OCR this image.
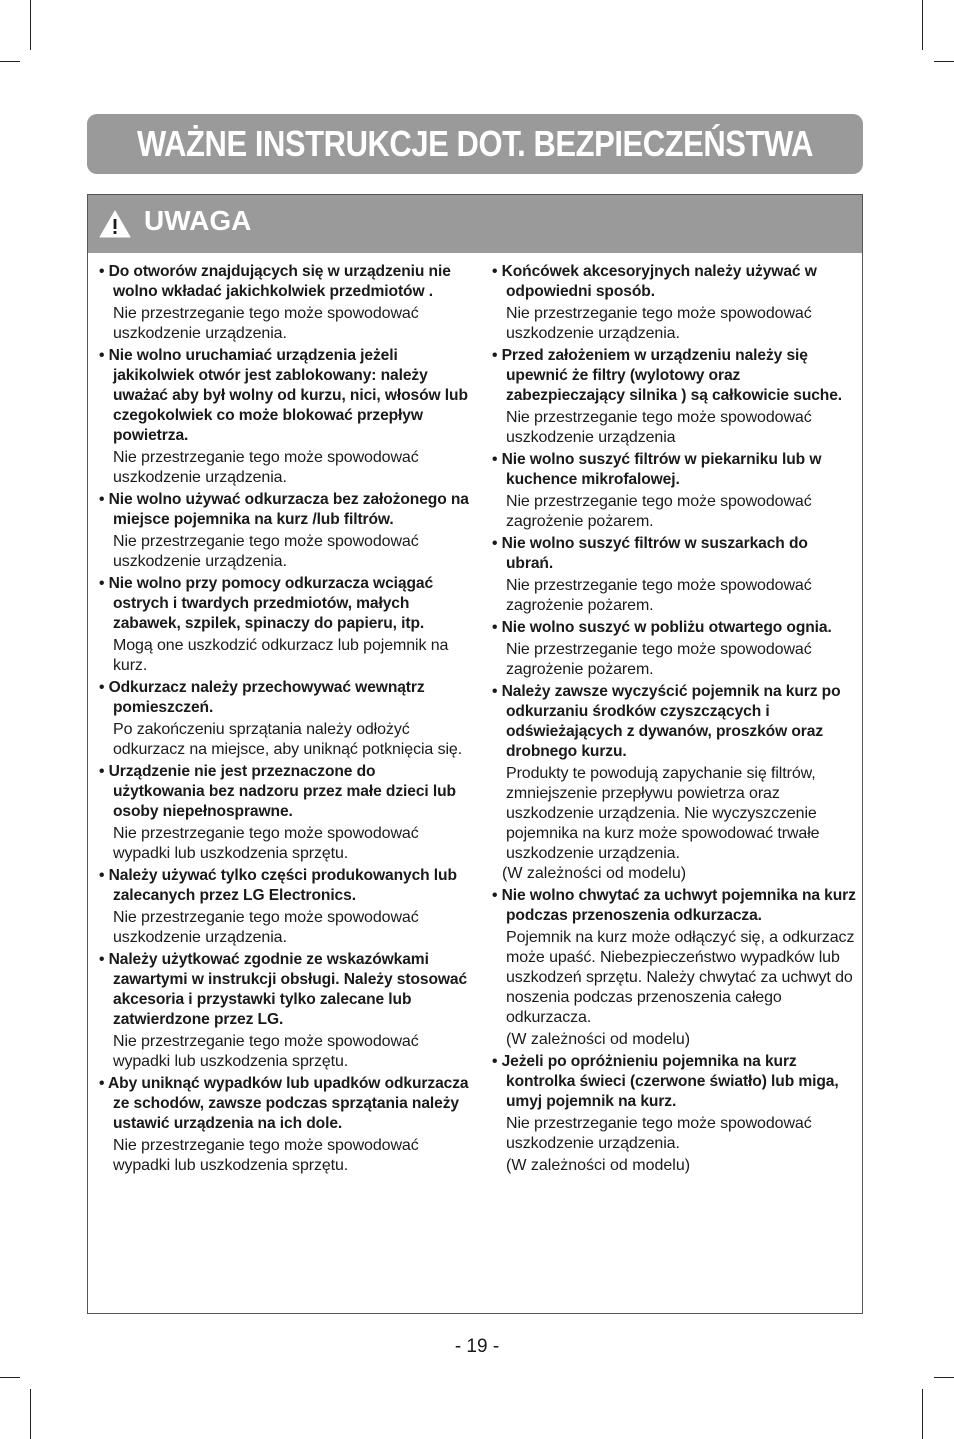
WAŻNE INSTRUKCJE DOT. BEZPIECZEŃSTWA
UWAGA
• Do otworów znajdujących się w urządzeniu nie wolno wkładać jakichkolwiek przedmiotów .
Nie przestrzeganie tego może spowodować uszkodzenie urządzenia.
• Nie wolno uruchamiać urządzenia jeżeli jakikolwiek otwór jest zablokowany: należy uważać aby był wolny od kurzu, nici, włosów lub czegokolwiek co może blokować przepływ powietrza.
Nie przestrzeganie tego może spowodować uszkodzenie urządzenia.
• Nie wolno używać odkurzacza bez założonego na miejsce pojemnika na kurz /lub filtrów.
Nie przestrzeganie tego może spowodować uszkodzenie urządzenia.
• Nie wolno przy pomocy odkurzacza wciągać ostrych i twardych przedmiotów, małych zabawek, szpilek, spinaczy do papieru, itp.
Mogą one uszkodzić odkurzacz lub pojemnik na kurz.
• Odkurzacz należy przechowywać wewnątrz pomieszczeń.
Po zakończeniu sprzątania należy odłożyć odkurzacz na miejsce, aby uniknąć potknięcia się.
• Urządzenie nie jest przeznaczone do użytkowania bez nadzoru przez małe dzieci lub osoby niepełnosprawne.
Nie przestrzeganie tego może spowodować wypadki lub uszkodzenia sprzętu.
• Należy używać tylko części produkowanych lub zalecanych przez LG Electronics.
Nie przestrzeganie tego może spowodować uszkodzenie urządzenia.
• Należy użytkować zgodnie ze wskazówkami zawartymi w instrukcji obsługi. Należy stosować akcesoria i przystawki tylko zalecane lub zatwierdzone przez LG.
Nie przestrzeganie tego może spowodować wypadki lub uszkodzenia sprzętu.
• Aby uniknąć wypadków lub upadków odkurzacza ze schodów, zawsze podczas sprzątania należy ustawić urządzenia na ich dole.
Nie przestrzeganie tego może spowodować wypadki lub uszkodzenia sprzętu.
• Końcówek akcesoryjnych należy używać w odpowiedni sposób.
Nie przestrzeganie tego może spowodować uszkodzenie urządzenia.
• Przed założeniem w urządzeniu należy się upewnić że filtry (wylotowy oraz zabezpieczający silnika ) są całkowicie suche.
Nie przestrzeganie tego może spowodować uszkodzenie urządzenia
• Nie wolno suszyć filtrów w piekarniku lub w kuchence mikrofalowej.
Nie przestrzeganie tego może spowodować zagrożenie pożarem.
• Nie wolno suszyć filtrów w suszarkach do ubrań.
Nie przestrzeganie tego może spowodować zagrożenie pożarem.
• Nie wolno suszyć w pobliżu otwartego ognia.
Nie przestrzeganie tego może spowodować zagrożenie pożarem.
• Należy zawsze wyczyścić pojemnik na kurz po odkurzaniu środków czyszczących i odświeżających z dywanów, proszków oraz drobnego kurzu.
Produkty te powodują zapychanie się filtrów, zmniejszenie przepływu powietrza oraz uszkodzenie urządzenia. Nie wyczyszczenie pojemnika na kurz może spowodować trwałe uszkodzenie urządzenia.
(W zależności od modelu)
• Nie wolno chwytać za uchwyt pojemnika na kurz podczas przenoszenia odkurzacza.
Pojemnik na kurz może odłączyć się, a odkurzacz może upaść. Niebezpieczeństwo wypadków lub uszkodzeń sprzętu. Należy chwytać za uchwyt do noszenia podczas przenoszenia całego odkurzacza.
(W zależności od modelu)
• Jeżeli po opróżnieniu pojemnika na kurz kontrolka świeci (czerwone światło) lub miga, umyj pojemnik na kurz.
Nie przestrzeganie tego może spowodować uszkodzenie urządzenia.
(W zależności od modelu)
- 19 -
